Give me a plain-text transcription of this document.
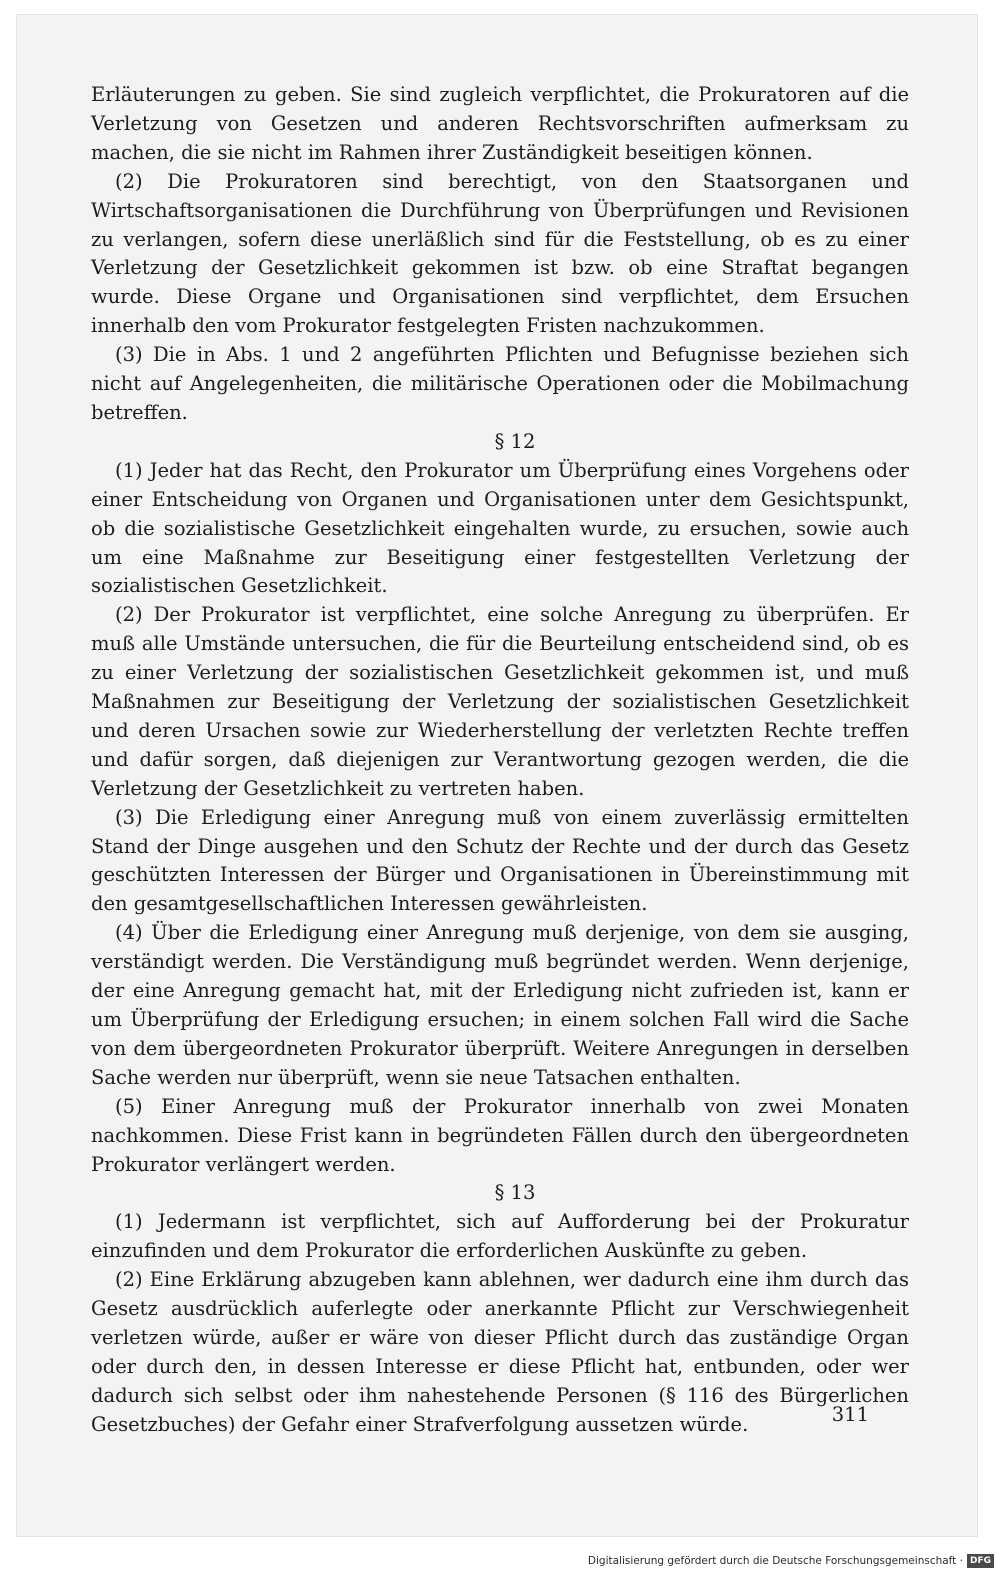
Erläuterungen zu geben. Sie sind zugleich verpflichtet, die Prokuratoren auf die Verletzung von Gesetzen und anderen Rechtsvorschriften aufmerksam zu machen, die sie nicht im Rahmen ihrer Zuständigkeit beseitigen können.

(2) Die Prokuratoren sind berechtigt, von den Staatsorganen und Wirtschaftsorganisationen die Durchführung von Überprüfungen und Revisionen zu verlangen, sofern diese unerläßlich sind für die Feststellung, ob es zu einer Verletzung der Gesetzlichkeit gekommen ist bzw. ob eine Straftat begangen wurde. Diese Organe und Organisationen sind verpflichtet, dem Ersuchen innerhalb den vom Prokurator festgelegten Fristen nachzukommen.

(3) Die in Abs. 1 und 2 angeführten Pflichten und Befugnisse beziehen sich nicht auf Angelegenheiten, die militärische Operationen oder die Mobilmachung betreffen.

§ 12

(1) Jeder hat das Recht, den Prokurator um Überprüfung eines Vorgehens oder einer Entscheidung von Organen und Organisationen unter dem Gesichtspunkt, ob die sozialistische Gesetzlichkeit eingehalten wurde, zu ersuchen, sowie auch um eine Maßnahme zur Beseitigung einer festgestellten Verletzung der sozialistischen Gesetzlichkeit.

(2) Der Prokurator ist verpflichtet, eine solche Anregung zu überprüfen. Er muß alle Umstände untersuchen, die für die Beurteilung entscheidend sind, ob es zu einer Verletzung der sozialistischen Gesetzlichkeit gekommen ist, und muß Maßnahmen zur Beseitigung der Verletzung der sozialistischen Gesetzlichkeit und deren Ursachen sowie zur Wiederherstellung der verletzten Rechte treffen und dafür sorgen, daß diejenigen zur Verantwortung gezogen werden, die die Verletzung der Gesetzlichkeit zu vertreten haben.

(3) Die Erledigung einer Anregung muß von einem zuverlässig ermittelten Stand der Dinge ausgehen und den Schutz der Rechte und der durch das Gesetz geschützten Interessen der Bürger und Organisationen in Übereinstimmung mit den gesamtgesellschaftlichen Interessen gewährleisten.

(4) Über die Erledigung einer Anregung muß derjenige, von dem sie ausging, verständigt werden. Die Verständigung muß begründet werden. Wenn derjenige, der eine Anregung gemacht hat, mit der Erledigung nicht zufrieden ist, kann er um Überprüfung der Erledigung ersuchen; in einem solchen Fall wird die Sache von dem übergeordneten Prokurator überprüft. Weitere Anregungen in derselben Sache werden nur überprüft, wenn sie neue Tatsachen enthalten.

(5) Einer Anregung muß der Prokurator innerhalb von zwei Monaten nachkommen. Diese Frist kann in begründeten Fällen durch den übergeordneten Prokurator verlängert werden.

§ 13

(1) Jedermann ist verpflichtet, sich auf Aufforderung bei der Prokuratur einzufinden und dem Prokurator die erforderlichen Auskünfte zu geben.

(2) Eine Erklärung abzugeben kann ablehnen, wer dadurch eine ihm durch das Gesetz ausdrücklich auferlegte oder anerkannte Pflicht zur Verschwiegenheit verletzen würde, außer er wäre von dieser Pflicht durch das zuständige Organ oder durch den, in dessen Interesse er diese Pflicht hat, entbunden, oder wer dadurch sich selbst oder ihm nahestehende Personen (§ 116 des Bürgerlichen Gesetzbuches) der Gefahr einer Strafverfolgung aussetzen würde.	311
Digitalisierung gefördert durch die Deutsche Forschungsgemeinschaft · DFG
